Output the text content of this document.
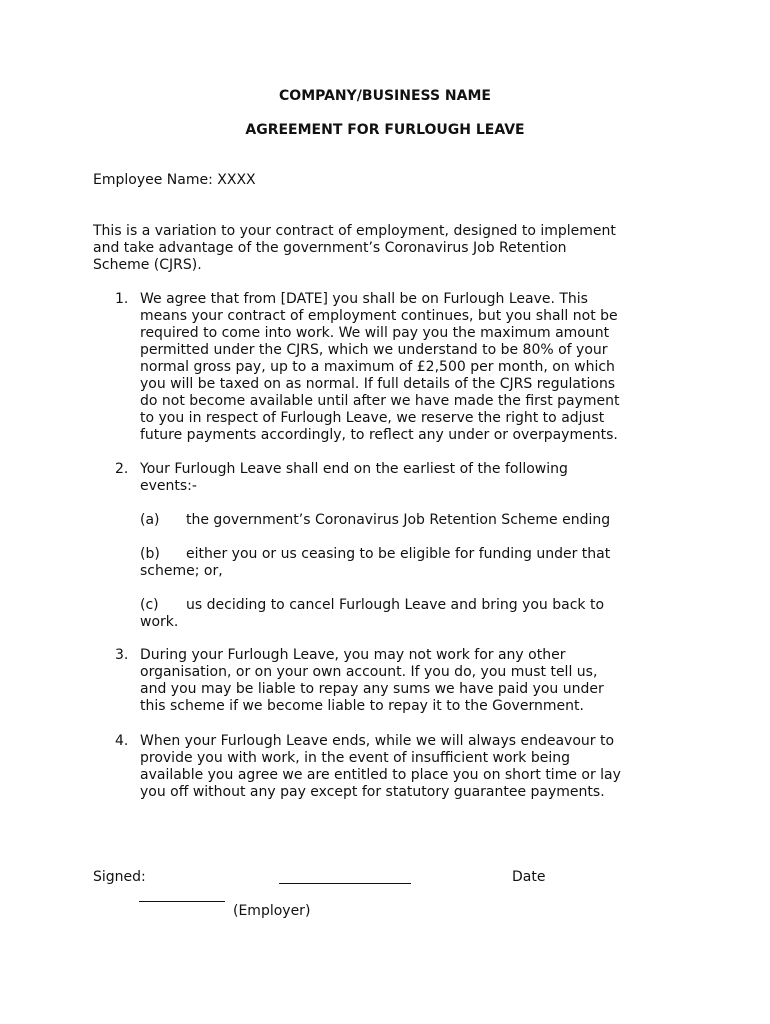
COMPANY/BUSINESS NAME
AGREEMENT FOR FURLOUGH LEAVE
Employee Name: XXXX
This is a variation to your contract of employment, designed to implement
and take advantage of the government’s Coronavirus Job Retention
Scheme (CJRS).
1. We agree that from [DATE] you shall be on Furlough Leave. This
means your contract of employment continues, but you shall not be
required to come into work. We will pay you the maximum amount
permitted under the CJRS, which we understand to be 80% of your
normal gross pay, up to a maximum of £2,500 per month, on which
you will be taxed on as normal. If full details of the CJRS regulations
do not become available until after we have made the first payment
to you in respect of Furlough Leave, we reserve the right to adjust
future payments accordingly, to reflect any under or overpayments.
2. Your Furlough Leave shall end on the earliest of the following
events:-
(a) the government’s Coronavirus Job Retention Scheme ending
(b) either you or us ceasing to be eligible for funding under that
scheme; or,
(c) us deciding to cancel Furlough Leave and bring you back to
work.
3. During your Furlough Leave, you may not work for any other
organisation, or on your own account. If you do, you must tell us,
and you may be liable to repay any sums we have paid you under
this scheme if we become liable to repay it to the Government.
4. When your Furlough Leave ends, while we will always endeavour to
provide you with work, in the event of insufficient work being
available you agree we are entitled to place you on short time or lay
you off without any pay except for statutory guarantee payments.
Signed:	Date
(Employer)
